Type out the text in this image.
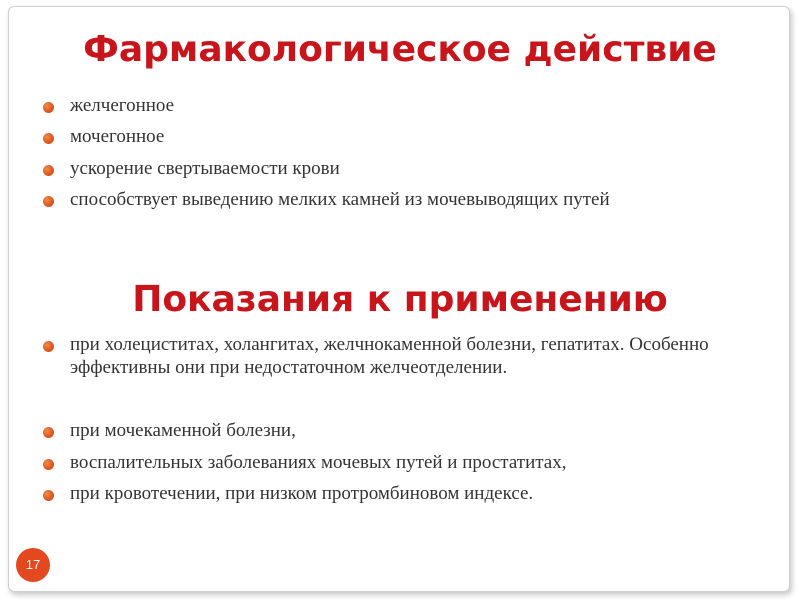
Фармакологическое действие
желчегонное
мочегонное
ускорение свертываемости крови
способствует выведению мелких камней из мочевыводящих путей
Показания к применению
при холециститах, холангитах, желчнокаменной болезни, гепатитах. Особенно эффективны они при недостаточном желчеотделении.
при мочекаменной болезни,
воспалительных заболеваниях мочевых путей и простатитах,
при кровотечении, при низком протромбиновом индексе.
17
